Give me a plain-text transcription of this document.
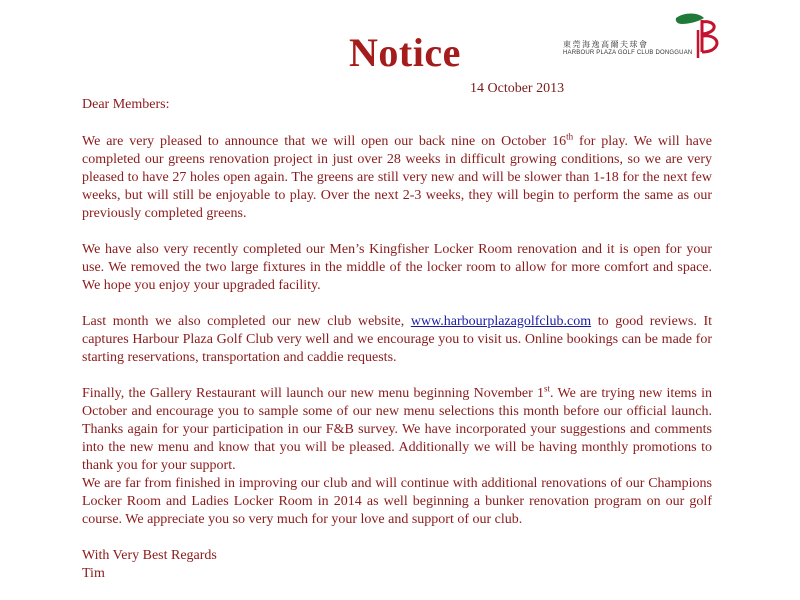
Notice	東莞海逸高爾夫球會
HARBOUR PLAZA GOLF CLUB DONGGUAN
14 October 2013
Dear Members:

We are very pleased to announce that we will open our back nine on October 16th for play. We will have completed our greens renovation project in just over 28 weeks in difficult growing conditions, so we are very pleased to have 27 holes open again. The greens are still very new and will be slower than 1-18 for the next few weeks, but will still be enjoyable to play. Over the next 2-3 weeks, they will begin to perform the same as our previously completed greens.

We have also very recently completed our Men’s Kingfisher Locker Room renovation and it is open for your use. We removed the two large fixtures in the middle of the locker room to allow for more comfort and space. We hope you enjoy your upgraded facility.

Last month we also completed our new club website, www.harbourplazagolfclub.com to good reviews. It captures Harbour Plaza Golf Club very well and we encourage you to visit us. Online bookings can be made for starting reservations, transportation and caddie requests.

Finally, the Gallery Restaurant will launch our new menu beginning November 1st. We are trying new items in October and encourage you to sample some of our new menu selections this month before our official launch. Thanks again for your participation in our F&B survey. We have incorporated your suggestions and comments into the new menu and know that you will be pleased. Additionally we will be having monthly promotions to thank you for your support.

We are far from finished in improving our club and will continue with additional renovations of our Champions Locker Room and Ladies Locker Room in 2014 as well beginning a bunker renovation program on our golf course. We appreciate you so very much for your love and support of our club.

With Very Best Regards
Tim
